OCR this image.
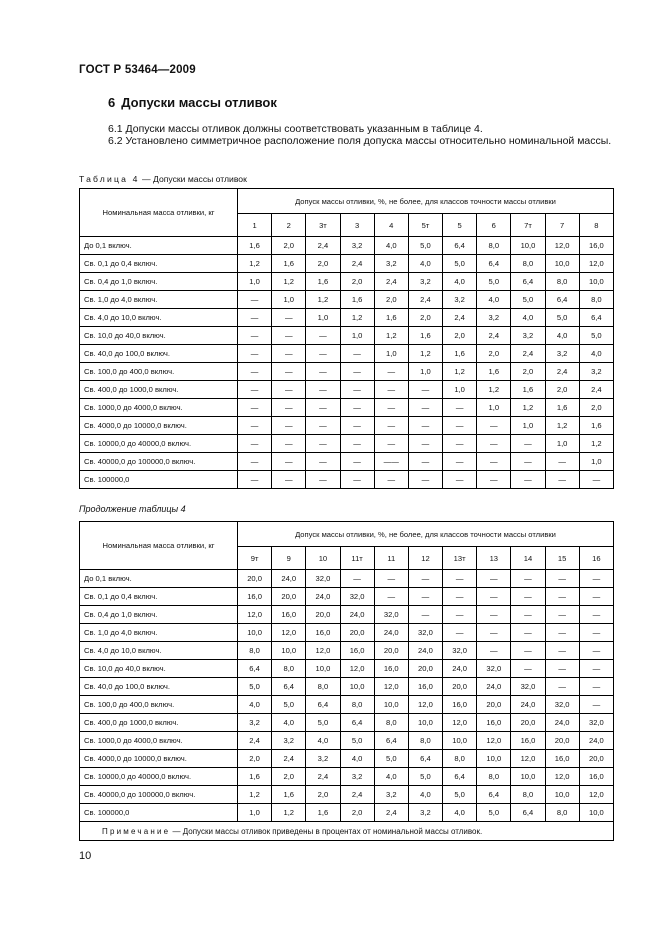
ГОСТ Р 53464—2009
6 Допуски массы отливок
6.1 Допуски массы отливок должны соответствовать указанным в таблице 4.
6.2 Установлено симметричное расположение поля допуска массы относительно номинальной массы.
Таблица 4 — Допуски массы отливок
Номинальная масса отливки, кг	Допуск массы отливки, %, не более, для классов точности массы отливки										
	1	2	3т	3	4	5т	5	6	7т	7	8
До 0,1 включ.	1,6	2,0	2,4	3,2	4,0	5,0	6,4	8,0	10,0	12,0	16,0
Св. 0,1 до 0,4 включ.	1,2	1,6	2,0	2,4	3,2	4,0	5,0	6,4	8,0	10,0	12,0
Св. 0,4 до 1,0 включ.	1,0	1,2	1,6	2,0	2,4	3,2	4,0	5,0	6,4	8,0	10,0
Св. 1,0 до 4,0 включ.	—	1,0	1,2	1,6	2,0	2,4	3,2	4,0	5,0	6,4	8,0
Св. 4,0 до 10,0 включ.	—	—	1,0	1,2	1,6	2,0	2,4	3,2	4,0	5,0	6,4
Св. 10,0 до 40,0 включ.	—	—	—	1,0	1,2	1,6	2,0	2,4	3,2	4,0	5,0
Св. 40,0 до 100,0 включ.	—	—	—	—	1,0	1,2	1,6	2,0	2,4	3,2	4,0
Св. 100,0 до 400,0 включ.	—	—	—	—	—	1,0	1,2	1,6	2,0	2,4	3,2
Св. 400,0 до 1000,0 включ.	—	—	—	—	—	—	1,0	1,2	1,6	2,0	2,4
Св. 1000,0 до 4000,0 включ.	—	—	—	—	—	—	—	1,0	1,2	1,6	2,0
Св. 4000,0 до 10000,0 включ.	—	—	—	—	—	—	—	—	1,0	1,2	1,6
Св. 10000,0 до 40000,0 включ.	—	—	—	—	—	—	—	—	—	1,0	1,2
Св. 40000,0 до 100000,0 включ.	—	—	—	—	——	—	—	—	—	—	1,0
Св. 100000,0	—	—	—	—	—	—	—	—	—	—	—
Продолжение таблицы 4
Номинальная масса отливки, кг	Допуск массы отливки, %, не более, для классов точности массы отливки										
	9т	9	10	11т	11	12	13т	13	14	15	16
До 0,1 включ.	20,0	24,0	32,0	—	—	—	—	—	—	—	—
Св. 0,1 до 0,4 включ.	16,0	20,0	24,0	32,0	—	—	—	—	—	—	—
Св. 0,4 до 1,0 включ.	12,0	16,0	20,0	24,0	32,0	—	—	—	—	—	—
Св. 1,0 до 4,0 включ.	10,0	12,0	16,0	20,0	24,0	32,0	—	—	—	—	—
Св. 4,0 до 10,0 включ.	8,0	10,0	12,0	16,0	20,0	24,0	32,0	—	—	—	—
Св. 10,0 до 40,0 включ.	6,4	8,0	10,0	12,0	16,0	20,0	24,0	32,0	—	—	—
Св. 40,0 до 100,0 включ.	5,0	6,4	8,0	10,0	12,0	16,0	20,0	24,0	32,0	—	—
Св. 100,0 до 400,0 включ.	4,0	5,0	6,4	8,0	10,0	12,0	16,0	20,0	24,0	32,0	—
Св. 400,0 до 1000,0 включ.	3,2	4,0	5,0	6,4	8,0	10,0	12,0	16,0	20,0	24,0	32,0
Св. 1000,0 до 4000,0 включ.	2,4	3,2	4,0	5,0	6,4	8,0	10,0	12,0	16,0	20,0	24,0
Св. 4000,0 до 10000,0 включ.	2,0	2,4	3,2	4,0	5,0	6,4	8,0	10,0	12,0	16,0	20,0
Св. 10000,0 до 40000,0 включ.	1,6	2,0	2,4	3,2	4,0	5,0	6,4	8,0	10,0	12,0	16,0
Св. 40000,0 до 100000,0 включ.	1,2	1,6	2,0	2,4	3,2	4,0	5,0	6,4	8,0	10,0	12,0
Св. 100000,0	1,0	1,2	1,6	2,0	2,4	3,2	4,0	5,0	6,4	8,0	10,0
Примечание — Допуски массы отливок приведены в процентах от номинальной массы отливок.											
10
